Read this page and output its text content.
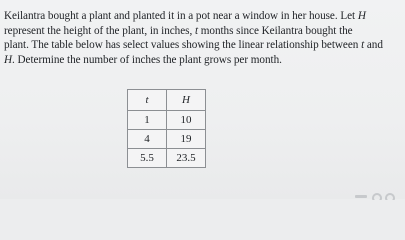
Keilantra bought a plant and planted it in a pot near a window in her house. Let H
represent the height of the plant, in inches, t months since Keilantra bought the
plant. The table below has select values showing the linear relationship between t and
H. Determine the number of inches the plant grows per month.
t	H
1	10
4	19
5.5	23.5
